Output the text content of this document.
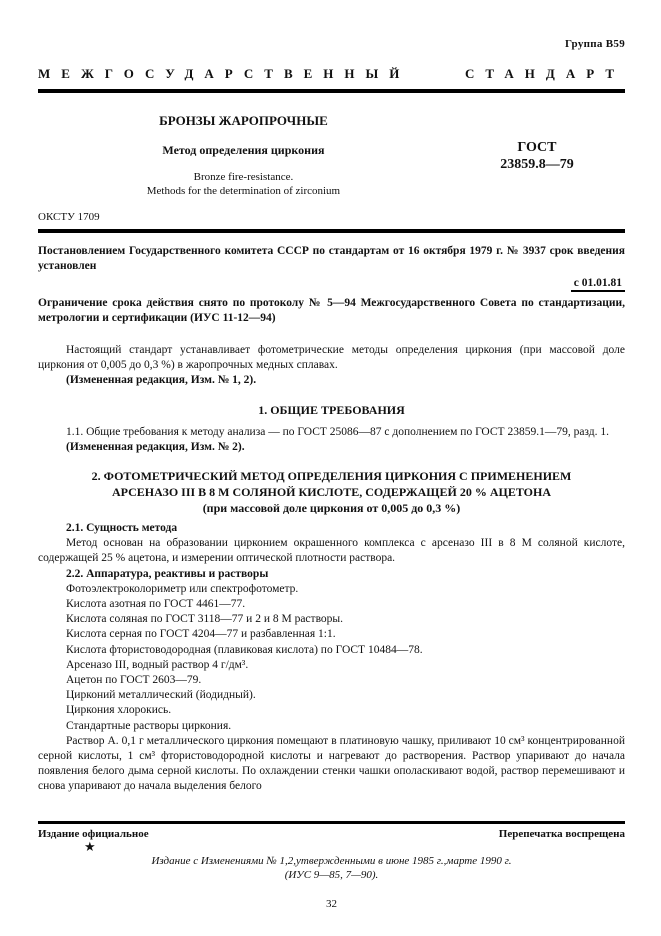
Группа В59
МЕЖГОСУДАРСТВЕННЫЙ	СТАНДАРТ
БРОНЗЫ ЖАРОПРОЧНЫЕ
Метод определения циркония
Bronze fire-resistance.
Methods for the determination of zirconium
ГОСТ
23859.8—79
ОКСТУ 1709
Постановлением Государственного комитета СССР по стандартам от 16 октября 1979 г. № 3937 срок введения установлен
с 01.01.81
Ограничение срока действия снято по протоколу № 5—94 Межгосударственного Совета по стандартизации, метрологии и сертификации (ИУС 11-12—94)
Настоящий стандарт устанавливает фотометрические методы определения циркония (при массовой доле циркония от 0,005 до 0,3 %) в жаропрочных медных сплавах.
(Измененная редакция, Изм. № 1, 2).
1. ОБЩИЕ ТРЕБОВАНИЯ
1.1. Общие требования к методу анализа — по ГОСТ 25086—87 с дополнением по ГОСТ 23859.1—79, разд. 1.
(Измененная редакция, Изм. № 2).
2. ФОТОМЕТРИЧЕСКИЙ МЕТОД ОПРЕДЕЛЕНИЯ ЦИРКОНИЯ С ПРИМЕНЕНИЕМ
АРСЕНАЗО III В 8 М СОЛЯНОЙ КИСЛОТЕ, СОДЕРЖАЩЕЙ 20 % АЦЕТОНА
(при массовой доле циркония от 0,005 до 0,3 %)
2.1. Сущность метода
Метод основан на образовании цирконием окрашенного комплекса с арсеназо III в 8 М соляной кислоте, содержащей 25 % ацетона, и измерении оптической плотности раствора.
2.2. Аппаратура, реактивы и растворы
Фотоэлектроколориметр или спектрофотометр.
Кислота азотная по ГОСТ 4461—77.
Кислота соляная по ГОСТ 3118—77 и 2 и 8 М растворы.
Кислота серная по ГОСТ 4204—77 и разбавленная 1:1.
Кислота фтористоводородная (плавиковая кислота) по ГОСТ 10484—78.
Арсеназо III, водный раствор 4 г/дм³.
Ацетон по ГОСТ 2603—79.
Цирконий металлический (йодидный).
Циркония хлорокись.
Стандартные растворы циркония.
Раствор А. 0,1 г металлического циркония помещают в платиновую чашку, приливают 10 см³ концентрированной серной кислоты, 1 см³ фтористоводородной кислоты и нагревают до растворения. Раствор упаривают до начала появления белого дыма серной кислоты. По охлаждении стенки чашки ополаскивают водой, раствор перемешивают и снова упаривают до начала выделения белого
Издание официальное	Перепечатка воспрещена
★
Издание с Изменениями № 1,2,утвержденными в июне 1985 г.,марте 1990 г.
(ИУС 9—85, 7—90).
32
